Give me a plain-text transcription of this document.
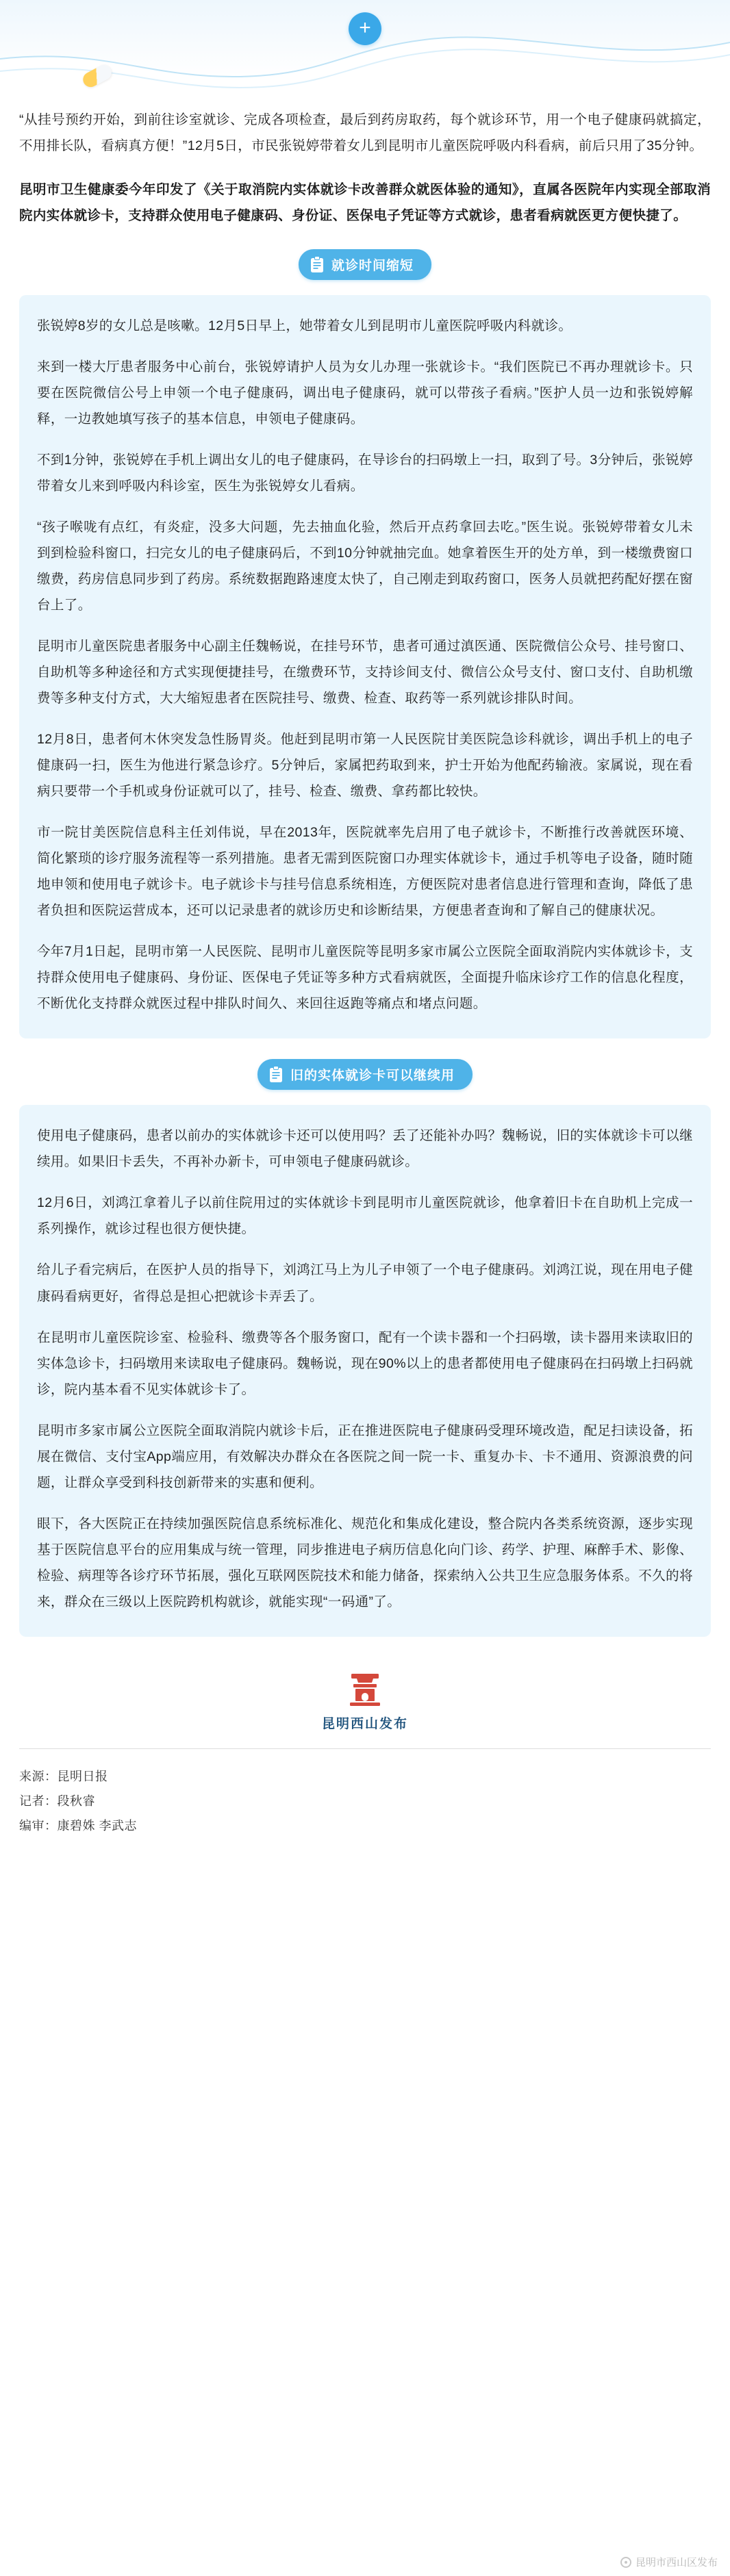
+

“从挂号预约开始，到前往诊室就诊、完成各项检查，最后到药房取药，每个就诊环节，用一个电子健康码就搞定，不用排长队，看病真方便！”12月5日，市民张锐婷带着女儿到昆明市儿童医院呼吸内科看病，前后只用了35分钟。

昆明市卫生健康委今年印发了《关于取消院内实体就诊卡改善群众就医体验的通知》，直属各医院年内实现全部取消院内实体就诊卡，支持群众使用电子健康码、身份证、医保电子凭证等方式就诊，患者看病就医更方便快捷了。

就诊时间缩短

张锐婷8岁的女儿总是咳嗽。12月5日早上，她带着女儿到昆明市儿童医院呼吸内科就诊。

来到一楼大厅患者服务中心前台，张锐婷请护人员为女儿办理一张就诊卡。“我们医院已不再办理就诊卡。只要在医院微信公号上申领一个电子健康码，调出电子健康码，就可以带孩子看病。”医护人员一边和张锐婷解释，一边教她填写孩子的基本信息，申领电子健康码。

不到1分钟，张锐婷在手机上调出女儿的电子健康码，在导诊台的扫码墩上一扫，取到了号。3分钟后，张锐婷带着女儿来到呼吸内科诊室，医生为张锐婷女儿看病。

“孩子喉咙有点红，有炎症，没多大问题，先去抽血化验，然后开点药拿回去吃。”医生说。张锐婷带着女儿未到到检验科窗口，扫完女儿的电子健康码后，不到10分钟就抽完血。她拿着医生开的处方单，到一楼缴费窗口缴费，药房信息同步到了药房。系统数据跑路速度太快了，自己刚走到取药窗口，医务人员就把药配好摆在窗台上了。

昆明市儿童医院患者服务中心副主任魏畅说，在挂号环节，患者可通过滇医通、医院微信公众号、挂号窗口、自助机等多种途径和方式实现便捷挂号，在缴费环节，支持诊间支付、微信公众号支付、窗口支付、自助机缴费等多种支付方式，大大缩短患者在医院挂号、缴费、检查、取药等一系列就诊排队时间。

12月8日，患者何木休突发急性肠胃炎。他赶到昆明市第一人民医院甘美医院急诊科就诊，调出手机上的电子健康码一扫，医生为他进行紧急诊疗。5分钟后，家属把药取到来，护士开始为他配药输液。家属说，现在看病只要带一个手机或身份证就可以了，挂号、检查、缴费、拿药都比较快。

市一院甘美医院信息科主任刘伟说，早在2013年，医院就率先启用了电子就诊卡，不断推行改善就医环境、简化繁琐的诊疗服务流程等一系列措施。患者无需到医院窗口办理实体就诊卡，通过手机等电子设备，随时随地申领和使用电子就诊卡。电子就诊卡与挂号信息系统相连，方便医院对患者信息进行管理和查询，降低了患者负担和医院运营成本，还可以记录患者的就诊历史和诊断结果，方便患者查询和了解自己的健康状况。

今年7月1日起，昆明市第一人民医院、昆明市儿童医院等昆明多家市属公立医院全面取消院内实体就诊卡，支持群众使用电子健康码、身份证、医保电子凭证等多种方式看病就医，全面提升临床诊疗工作的信息化程度，不断优化支持群众就医过程中排队时间久、来回往返跑等痛点和堵点问题。

旧的实体就诊卡可以继续用

使用电子健康码，患者以前办的实体就诊卡还可以使用吗？丢了还能补办吗？魏畅说，旧的实体就诊卡可以继续用。如果旧卡丢失，不再补办新卡，可申领电子健康码就诊。

12月6日，刘鸿江拿着儿子以前住院用过的实体就诊卡到昆明市儿童医院就诊，他拿着旧卡在自助机上完成一系列操作，就诊过程也很方便快捷。

给儿子看完病后，在医护人员的指导下，刘鸿江马上为儿子申领了一个电子健康码。刘鸿江说，现在用电子健康码看病更好，省得总是担心把就诊卡弄丢了。

在昆明市儿童医院诊室、检验科、缴费等各个服务窗口，配有一个读卡器和一个扫码墩，读卡器用来读取旧的实体急诊卡，扫码墩用来读取电子健康码。魏畅说，现在90%以上的患者都使用电子健康码在扫码墩上扫码就诊，院内基本看不见实体就诊卡了。

昆明市多家市属公立医院全面取消院内就诊卡后，正在推进医院电子健康码受理环境改造，配足扫读设备，拓展在微信、支付宝App端应用，有效解决办群众在各医院之间一院一卡、重复办卡、卡不通用、资源浪费的问题，让群众享受到科技创新带来的实惠和便利。

眼下，各大医院正在持续加强医院信息系统标准化、规范化和集成化建设，整合院内各类系统资源，逐步实现基于医院信息平台的应用集成与统一管理，同步推进电子病历信息化向门诊、药学、护理、麻醉手术、影像、检验、病理等各诊疗环节拓展，强化互联网医院技术和能力储备，探索纳入公共卫生应急服务体系。不久的将来，群众在三级以上医院跨机构就诊，就能实现“一码通”了。

昆明西山发布
来源：昆明日报
记者：段秋睿
编审：康碧姝 李武志
昆明市西山区发布
